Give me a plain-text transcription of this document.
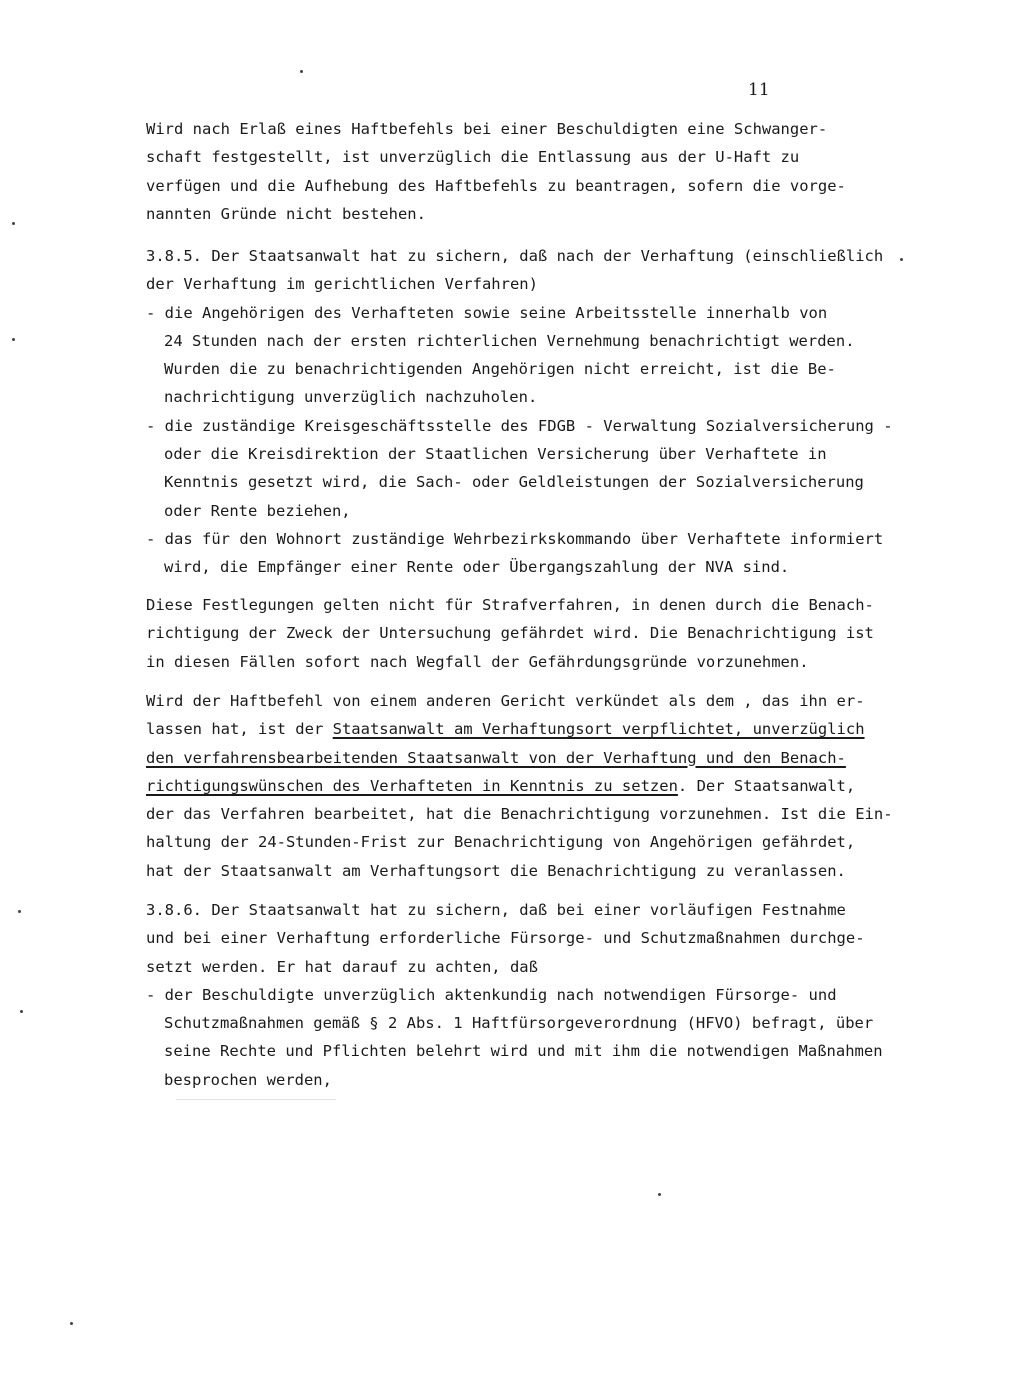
11
Wird nach Erlaß eines Haftbefehls bei einer Beschuldigten eine Schwanger-
schaft festgestellt, ist unverzüglich die Entlassung aus der U-Haft zu
verfügen und die Aufhebung des Haftbefehls zu beantragen, sofern die vorge-
nannten Gründe nicht bestehen.
3.8.5. Der Staatsanwalt hat zu sichern, daß nach der Verhaftung (einschließlich
der Verhaftung im gerichtlichen Verfahren)
- die Angehörigen des Verhafteten sowie seine Arbeitsstelle innerhalb von
24 Stunden nach der ersten richterlichen Vernehmung benachrichtigt werden.
Wurden die zu benachrichtigenden Angehörigen nicht erreicht, ist die Be-
nachrichtigung unverzüglich nachzuholen.
- die zuständige Kreisgeschäftsstelle des FDGB - Verwaltung Sozialversicherung -
oder die Kreisdirektion der Staatlichen Versicherung über Verhaftete in
Kenntnis gesetzt wird, die Sach- oder Geldleistungen der Sozialversicherung
oder Rente beziehen,
- das für den Wohnort zuständige Wehrbezirkskommando über Verhaftete informiert
wird, die Empfänger einer Rente oder Übergangszahlung der NVA sind.
Diese Festlegungen gelten nicht für Strafverfahren, in denen durch die Benach-
richtigung der Zweck der Untersuchung gefährdet wird. Die Benachrichtigung ist
in diesen Fällen sofort nach Wegfall der Gefährdungsgründe vorzunehmen.
Wird der Haftbefehl von einem anderen Gericht verkündet als dem , das ihn er-
lassen hat, ist der Staatsanwalt am Verhaftungsort verpflichtet, unverzüglich
den verfahrensbearbeitenden Staatsanwalt von der Verhaftung und den Benach-
richtigungswünschen des Verhafteten in Kenntnis zu setzen. Der Staatsanwalt,
der das Verfahren bearbeitet, hat die Benachrichtigung vorzunehmen. Ist die Ein-
haltung der 24-Stunden-Frist zur Benachrichtigung von Angehörigen gefährdet,
hat der Staatsanwalt am Verhaftungsort die Benachrichtigung zu veranlassen.
3.8.6. Der Staatsanwalt hat zu sichern, daß bei einer vorläufigen Festnahme
und bei einer Verhaftung erforderliche Fürsorge- und Schutzmaßnahmen durchge-
setzt werden. Er hat darauf zu achten, daß
- der Beschuldigte unverzüglich aktenkundig nach notwendigen Fürsorge- und
Schutzmaßnahmen gemäß § 2 Abs. 1 Haftfürsorgeverordnung (HFVO) befragt, über
seine Rechte und Pflichten belehrt wird und mit ihm die notwendigen Maßnahmen
besprochen werden,
